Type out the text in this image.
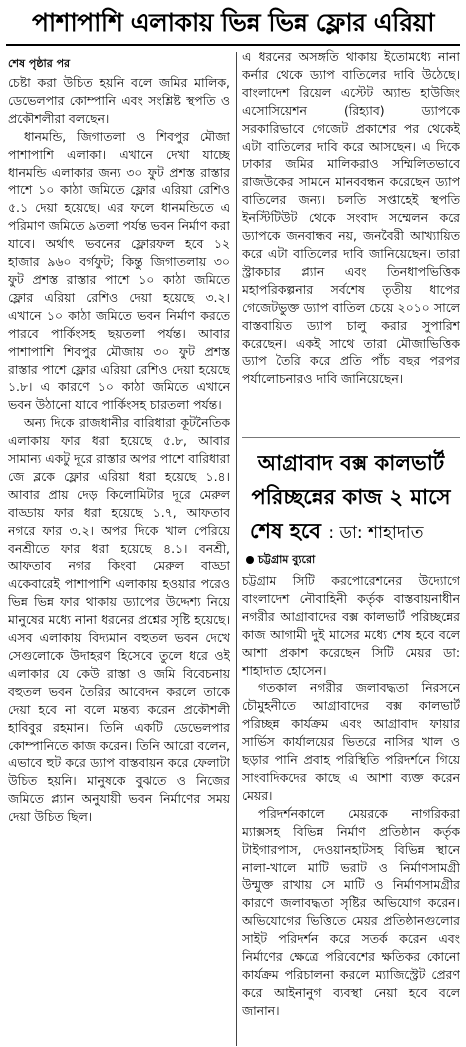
পাশাপাশি এলাকায় ভিন্ন ভিন্ন ফ্লোর এরিয়া
শেষ পৃষ্ঠার পর

চেষ্টা করা উচিত হয়নি বলে জমির মালিক, ডেভেলপার কোম্পানি এবং সংশ্লিষ্ট স্থপতি ও প্রকৌশলীরা বলছেন।

ধানমন্ডি, জিগাতলা ও শিবপুর মৌজা পাশাপাশি এলাকা। এখানে দেখা যাচ্ছে ধানমন্ডি এলাকার জন্য ৩০ ফুট প্রশস্ত রাস্তার পাশে ১০ কাঠা জমিতে ফ্লোর এরিয়া রেশিও ৫.১ দেয়া হয়েছে। এর ফলে ধানমন্ডিতে এ পরিমাণ জমিতে ৯তলা পর্যন্ত ভবন নির্মাণ করা যাবে। অর্থাৎ ভবনের ফ্লোরফল হবে ১২ হাজার ৯৬০ বর্গফুট; কিন্তু জিগাতলায় ৩০ ফুট প্রশস্ত রাস্তার পাশে ১০ কাঠা জমিতে ফ্লোর এরিয়া রেশিও দেয়া হয়েছে ৩.২। এখানে ১০ কাঠা জমিতে ভবন নির্মাণ করতে পারবে পার্কিংসহ ছয়তলা পর্যন্ত। আবার পাশাপাশি শিবপুর মৌজায় ৩০ ফুট প্রশস্ত রাস্তার পাশে ফ্লোর এরিয়া রেশিও দেয়া হয়েছে ১.৮। এ কারণে ১০ কাঠা জমিতে এখানে ভবন উঠানো যাবে পার্কিংসহ চারতলা পর্যন্ত।

অন্য দিকে রাজধানীর বারিধারা কূটনৈতিক এলাকায় ফার ধরা হয়েছে ৫.৮, আবার সামান্য একটু দূরে রাস্তার অপর পাশে বারিধারা জে ব্লকে ফ্লোর এরিয়া ধরা হয়েছে ১.৪। আবার প্রায় দেড় কিলোমিটার দূরে মেরুল বাড্ডায় ফার ধরা হয়েছে ১.৭, আফতাব নগরে ফার ৩.২। অপর দিকে খাল পেরিয়ে বনশ্রীতে ফার ধরা হয়েছে ৪.১। বনশ্রী, আফতাব নগর কিংবা মেরুল বাড্ডা একেবারেই পাশাপাশি এলাকায় হওয়ার পরেও ভিন্ন ভিন্ন ফার থাকায় ড্যাপের উদ্দেশ্য নিয়ে মানুষের মধ্যে নানা ধরনের প্রশ্নের সৃষ্টি হয়েছে। এসব এলাকায় বিদ্যমান বহুতল ভবন দেখে সেগুলোকে উদাহরণ হিসেবে তুলে ধরে ওই এলাকার যে কেউ রাস্তা ও জমি বিবেচনায় বহুতল ভবন তৈরির আবেদন করলে তাকে দেয়া হবে না বলে মন্তব্য করেন প্রকৌশলী হাবিবুর রহমান। তিনি একটি ডেভেলপার কোম্পানিতে কাজ করেন। তিনি আরো বলেন, এভাবে হুট করে ড্যাপ বাস্তবায়ন করে ফেলাটা উচিত হয়নি। মানুষকে বুঝতে ও নিজের জমিতে প্ল্যান অনুযায়ী ভবন নির্মাণের সময় দেয়া উচিত ছিল।

এ ধরনের অসঙ্গতি থাকায় ইতোমধ্যে নানা কর্নার থেকে ড্যাপ বাতিলের দাবি উঠেছে। বাংলাদেশ রিয়েল এস্টেট অ্যান্ড হাউজিং এসোসিয়েশন (রিহ্যাব) ড্যাপকে সরকারিভাবে গেজেট প্রকাশের পর থেকেই এটা বাতিলের দাবি করে আসছেন। এ দিকে ঢাকার জমির মালিকরাও সম্মিলিতভাবে রাজউকের সামনে মানববন্ধন করেছেন ড্যাপ বাতিলের জন্য। চলতি সপ্তাহেই স্থপতি ইনস্টিটিউট থেকে সংবাদ সম্মেলন করে ড্যাপকে জনবান্ধব নয়, জনবৈরী আখ্যায়িত করে এটা বাতিলের দাবি জানিয়েছেন। তারা স্ট্রাকচার প্ল্যান এবং তিনধাপভিত্তিক মহাপরিকল্পনার সর্বশেষ তৃতীয় ধাপের গেজেটভুক্ত ড্যাপ বাতিল চেয়ে ২০১০ সালে বাস্তবায়িত ড্যাপ চালু করার সুপারিশ করেছেন। একই সাথে তারা মৌজাভিত্তিক ড্যাপ তৈরি করে প্রতি পাঁচ বছর পরপর পর্যালোচনারও দাবি জানিয়েছেন।

আগ্রাবাদ বক্স কালভার্ট
পরিচ্ছন্নের কাজ ২ মাসে
শেষ হবে : ডা: শাহাদাত
চট্টগ্রাম ব্যুরো

চট্টগ্রাম সিটি করপোরেশনের উদ্যোগে বাংলাদেশ নৌবাহিনী কর্তৃক বাস্তবায়নাধীন নগরীর আগ্রাবাদের বক্স কালভার্ট পরিচ্ছন্নের কাজ আগামী দুই মাসের মধ্যে শেষ হবে বলে আশা প্রকাশ করেছেন সিটি মেয়র ডা: শাহাদাত হোসেন।

গতকাল নগরীর জলাবদ্ধতা নিরসনে চৌমুহনীতে আগ্রাবাদের বক্স কালভার্ট পরিচ্ছন্ন কার্যক্রম এবং আগ্রাবাদ ফায়ার সার্ভিস কার্যালয়ের ভিতরে নাসির খাল ও ছড়ার পানি প্রবাহ পরিস্থিতি পরিদর্শনে গিয়ে সাংবাদিকদের কাছে এ আশা ব্যক্ত করেন মেয়র।

পরিদর্শনকালে মেয়রকে নাগরিকরা ম্যাক্সসহ বিভিন্ন নির্মাণ প্রতিষ্ঠান কর্তৃক টাইগারপাস, দেওয়ানহাটসহ বিভিন্ন স্থানে নালা-খালে মাটি ভরাট ও নির্মাণসামগ্রী উন্মুক্ত রাখায় সে মাটি ও নির্মাণসামগ্রীর কারণে জলাবদ্ধতা সৃষ্টির অভিযোগ করেন। অভিযোগের ভিত্তিতে মেয়র প্রতিষ্ঠানগুলোর সাইট পরিদর্শন করে সতর্ক করেন এবং নির্মাণের ক্ষেত্রে পরিবেশের ক্ষতিকর কোনো কার্যক্রম পরিচালনা করলে ম্যাজিস্ট্রেট প্রেরণ করে আইনানুগ ব্যবস্থা নেয়া হবে বলে জানান।
